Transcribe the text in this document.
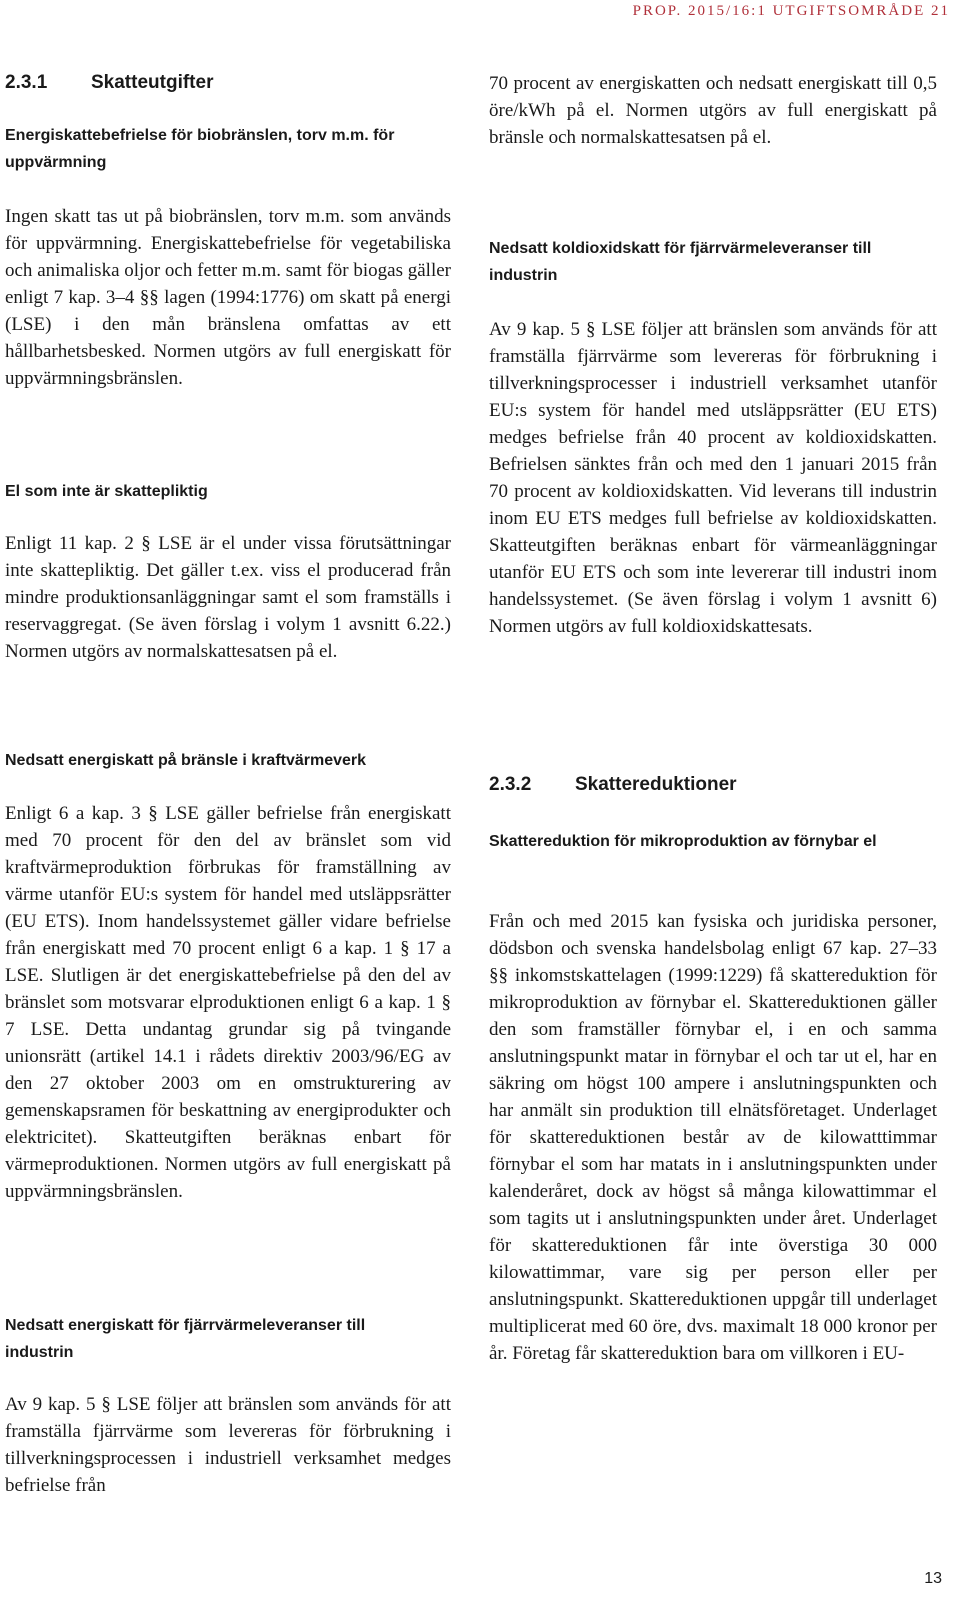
PROP. 2015/16:1 UTGIFTSOMRÅDE 21
2.3.1 Skatteutgifter
Energiskattebefrielse för biobränslen, torv m.m. för uppvärmning
Ingen skatt tas ut på biobränslen, torv m.m. som används för uppvärmning. Energiskattebefrielse för vegetabiliska och animaliska oljor och fetter m.m. samt för biogas gäller enligt 7 kap. 3–4 §§ lagen (1994:1776) om skatt på energi (LSE) i den mån bränslena omfattas av ett hållbarhetsbesked. Normen utgörs av full energiskatt för uppvärmningsbränslen.
El som inte är skattepliktig
Enligt 11 kap. 2 § LSE är el under vissa förutsättningar inte skattepliktig. Det gäller t.ex. viss el producerad från mindre produktionsanläggningar samt el som framställs i reservaggregat. (Se även förslag i volym 1 avsnitt 6.22.) Normen utgörs av normalskattesatsen på el.
Nedsatt energiskatt på bränsle i kraftvärmeverk
Enligt 6 a kap. 3 § LSE gäller befrielse från energiskatt med 70 procent för den del av bränslet som vid kraftvärmeproduktion förbrukas för framställning av värme utanför EU:s system för handel med utsläppsrätter (EU ETS). Inom handelssystemet gäller vidare befrielse från energiskatt med 70 procent enligt 6 a kap. 1 § 17 a LSE. Slutligen är det energiskattebefrielse på den del av bränslet som motsvarar elproduktionen enligt 6 a kap. 1 § 7 LSE. Detta undantag grundar sig på tvingande unionsrätt (artikel 14.1 i rådets direktiv 2003/96/EG av den 27 oktober 2003 om en omstrukturering av gemenskapsramen för beskattning av energiprodukter och elektricitet). Skatteutgiften beräknas enbart för värmeproduktionen. Normen utgörs av full energiskatt på uppvärmningsbränslen.
Nedsatt energiskatt för fjärrvärmeleveranser till industrin
Av 9 kap. 5 § LSE följer att bränslen som används för att framställa fjärrvärme som levereras för förbrukning i tillverkningsprocessen i industriell verksamhet medges befrielse från
70 procent av energiskatten och nedsatt energiskatt till 0,5 öre/kWh på el. Normen utgörs av full energiskatt på bränsle och normalskattesatsen på el.
Nedsatt koldioxidskatt för fjärrvärmeleveranser till industrin
Av 9 kap. 5 § LSE följer att bränslen som används för att framställa fjärrvärme som levereras för förbrukning i tillverkningsprocesser i industriell verksamhet utanför EU:s system för handel med utsläppsrätter (EU ETS) medges befrielse från 40 procent av koldioxidskatten. Befrielsen sänktes från och med den 1 januari 2015 från 70 procent av koldioxidskatten. Vid leverans till industrin inom EU ETS medges full befrielse av koldioxidskatten. Skatteutgiften beräknas enbart för värmeanläggningar utanför EU ETS och som inte levererar till industri inom handelssystemet. (Se även förslag i volym 1 avsnitt 6) Normen utgörs av full koldioxidskattesats.
2.3.2 Skattereduktioner
Skattereduktion för mikroproduktion av förnybar el
Från och med 2015 kan fysiska och juridiska personer, dödsbon och svenska handelsbolag enligt 67 kap. 27–33 §§ inkomstskattelagen (1999:1229) få skattereduktion för mikroproduktion av förnybar el. Skattereduktionen gäller den som framställer förnybar el, i en och samma anslutningspunkt matar in förnybar el och tar ut el, har en säkring om högst 100 ampere i anslutningspunkten och har anmält sin produktion till elnätsföretaget. Underlaget för skattereduktionen består av de kilowatttimmar förnybar el som har matats in i anslutningspunkten under kalenderåret, dock av högst så många kilowattimmar el som tagits ut i anslutningspunkten under året. Underlaget för skattereduktionen får inte överstiga 30 000 kilowattimmar, vare sig per person eller per anslutningspunkt. Skattereduktionen uppgår till underlaget multiplicerat med 60 öre, dvs. maximalt 18 000 kronor per år. Företag får skattereduktion bara om villkoren i EU-
13
